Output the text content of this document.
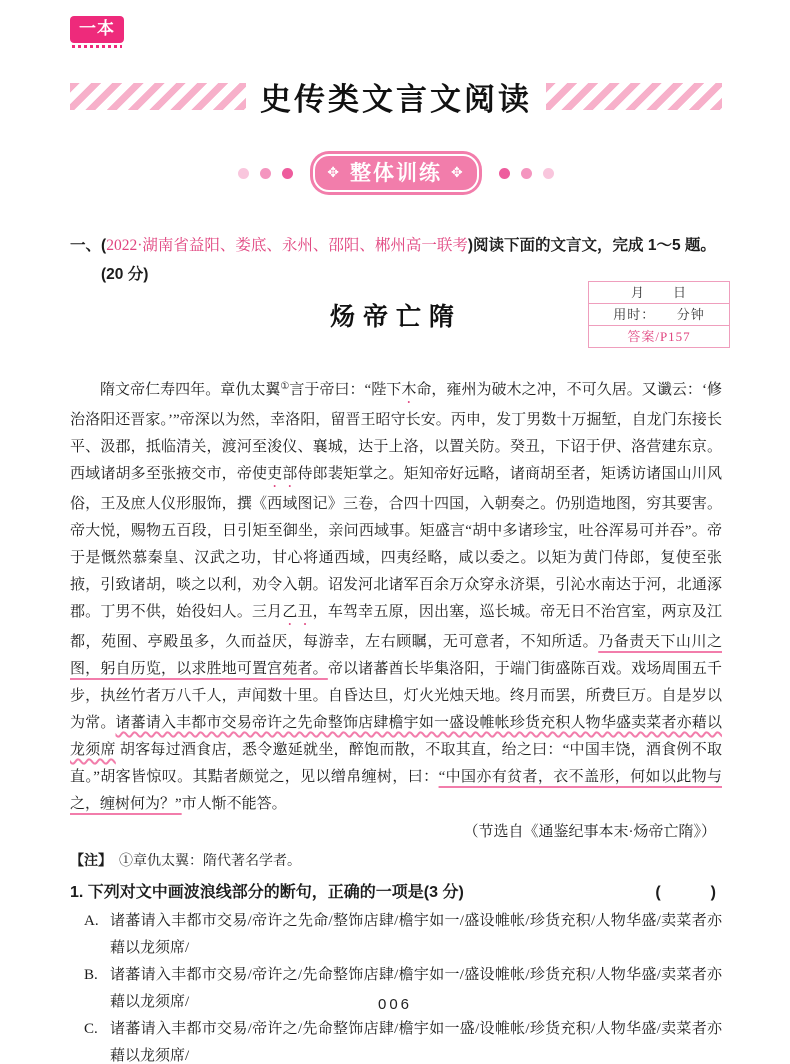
一本
史传类文言文阅读
✥ 整体训练 ✥
一、(2022·湖南省益阳、娄底、永州、邵阳、郴州高一联考)阅读下面的文言文，完成 1～5 题。
(20 分)
炀帝亡隋
月　　日
用时：　　分钟
答案/P157
隋文帝仁寿四年。章仇太翼①言于帝曰：“陛下木命，雍州为破木之冲，不可久居。又谶云：‘修治洛阳还晋家。’”帝深以为然，幸洛阳，留晋王昭守长安。丙申，发丁男数十万掘堑，自龙门东接长平、汲郡，抵临清关，渡河至浚仪、襄城，达于上洛，以置关防。癸丑，下诏于伊、洛营建东京。西域诸胡多至张掖交市，帝使吏部侍郎裴矩掌之。矩知帝好远略，诸商胡至者，矩诱访诸国山川风俗，王及庶人仪形服饰，撰《西域图记》三卷，合四十四国，入朝奏之。仍别造地图，穷其要害。帝大悦，赐物五百段，日引矩至御坐，亲问西域事。矩盛言“胡中多诸珍宝，吐谷浑易可并吞”。帝于是慨然慕秦皇、汉武之功，甘心将通西域，四夷经略，咸以委之。以矩为黄门侍郎，复使至张掖，引致诸胡，啖之以利，劝令入朝。诏发河北诸军百余万众穿永济渠，引沁水南达于河，北通涿郡。丁男不供，始役妇人。三月乙丑，车驾幸五原，因出塞，巡长城。帝无日不治宫室，两京及江都，苑囿、亭殿虽多，久而益厌，每游幸，左右顾瞩，无可意者，不知所适。乃备责天下山川之图，躬自历览，以求胜地可置宫苑者。帝以诸蕃酋长毕集洛阳，于端门街盛陈百戏。戏场周围五千步，执丝竹者万八千人，声闻数十里。自昏达旦，灯火光烛天地。终月而罢，所费巨万。自是岁以为常。诸蕃请入丰都市交易帝许之先命整饰店肆檐宇如一盛设帷帐珍货充积人物华盛卖菜者亦藉以龙须席 胡客每过酒食店，悉令邀延就坐，醉饱而散，不取其直，绐之曰：“中国丰饶，酒食例不取直。”胡客皆惊叹。其黠者颇觉之，见以缯帛缠树，曰：“中国亦有贫者，衣不盖形，何如以此物与之，缠树何为？”市人惭不能答。
（节选自《通鉴纪事本末·炀帝亡隋》）
【注】　①章仇太翼：隋代著名学者。
1. 下列对文中画波浪线部分的断句，正确的一项是(3 分)	(　　)
A. 诸蕃请入丰都市交易/帝许之先命/整饰店肆/檐宇如一/盛设帷帐/珍货充积/人物华盛/卖菜者亦藉以龙须席/
B. 诸蕃请入丰都市交易/帝许之/先命整饰店肆/檐宇如一/盛设帷帐/珍货充积/人物华盛/卖菜者亦藉以龙须席/
C. 诸蕃请入丰都市交易/帝许之/先命整饰店肆/檐宇如一盛/设帷帐/珍货充积/人物华盛/卖菜者亦藉以龙须席/
006
